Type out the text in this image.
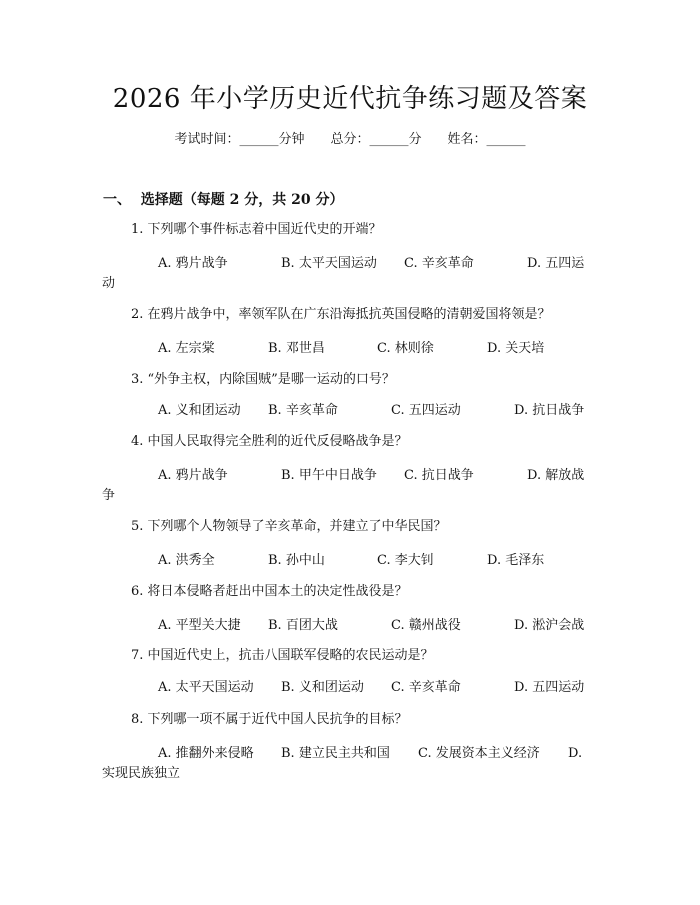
2026 年小学历史近代抗争练习题及答案
考试时间：______分钟 总分：______分 姓名：______
一、  选择题（每题 2 分，共 20 分）
1. 下列哪个事件标志着中国近代史的开端？
A. 鸦片战争	B. 太平天国运动 C. 辛亥革命	D. 五四运
动
2. 在鸦片战争中，率领军队在广东沿海抵抗英国侵略的清朝爱国将领是？
A. 左宗棠	B. 邓世昌	C. 林则徐	D. 关天培
3. “外争主权，内除国贼”是哪一运动的口号？
A. 义和团运动 B. 辛亥革命	C. 五四运动	D. 抗日战争
4. 中国人民取得完全胜利的近代反侵略战争是？
A. 鸦片战争	B. 甲午中日战争 C. 抗日战争	D. 解放战
争
5. 下列哪个人物领导了辛亥革命，并建立了中华民国？
A. 洪秀全	B. 孙中山	C. 李大钊	D. 毛泽东
6. 将日本侵略者赶出中国本土的决定性战役是？
A. 平型关大捷 B. 百团大战	C. 赣州战役	D. 淞沪会战
7. 中国近代史上，抗击八国联军侵略的农民运动是？
A. 太平天国运动 B. 义和团运动 C. 辛亥革命	D. 五四运动
8. 下列哪一项不属于近代中国人民抗争的目标？
A. 推翻外来侵略 B. 建立民主共和国 C. 发展资本主义经济 D.
实现民族独立
